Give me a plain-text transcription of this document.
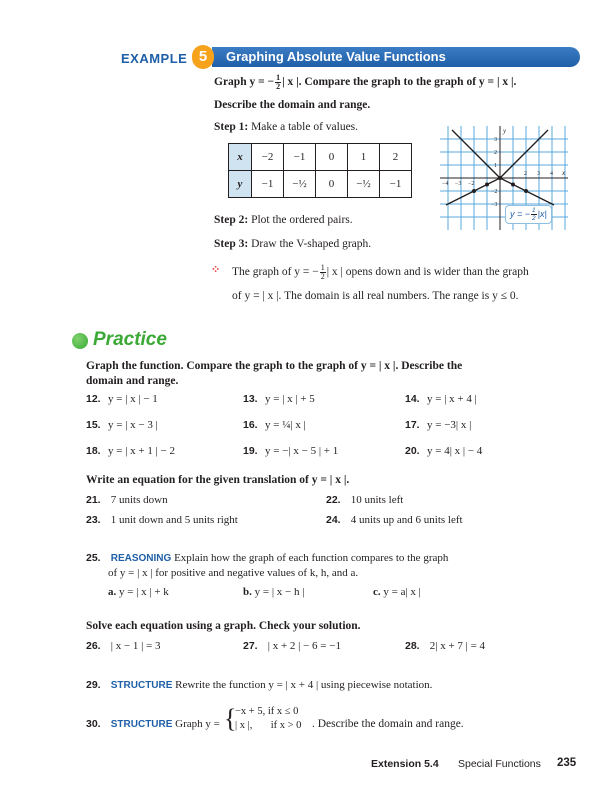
EXAMPLE 5	Graphing Absolute Value Functions
Graph y = − $\frac{1}{2}$ | x |. Compare the graph to the graph of y = | x |.
Describe the domain and range.
Step 1: Make a table of values.
x	−2	−1	0	1	2
y	−1	−½	0	−½	−1
Step 2: Plot the ordered pairs.
Step 3: Draw the V-shaped graph.
y
x
−4 −3 −2
2 3 4
3
2
1
−2
−3
y = − $\frac{1}{2} |x|$
⁘ The graph of y = − $\frac{1}{2}$ | x | opens down and is wider than the graph
of y = | x |. The domain is all real numbers. The range is y ≤ 0.
Practice
Graph the function. Compare the graph to the graph of y = | x |. Describe the
domain and range.
12. y = | x | − 1	13. y = | x | + 5	14. y = | x + 4 |
15. y = | x − 3 |	16. y = ¼| x |	17. y = −3| x |
18. y = | x + 1 | − 2	19. y = −| x − 5 | + 1	20. y = 4| x | − 4
Write an equation for the given translation of y = | x |.
21. 7 units down	22. 10 units left
23. 1 unit down and 5 units right	24. 4 units up and 6 units left
25. REASONING Explain how the graph of each function compares to the graph
of y = | x | for positive and negative values of k, h, and a.
a. y = | x | + k	b. y = | x − h |	c. y = a| x |
Solve each equation using a graph. Check your solution.
26. | x − 1 | = 3	27. | x + 2 | − 6 = −1	28. 2| x + 7 | = 4
29. STRUCTURE Rewrite the function y = | x + 4 | using piecewise notation.
30. STRUCTURE Graph y = {
−x + 5, if x ≤ 0
| x |,       if x > 0 . Describe the domain and range.
Extension 5.4 Special Functions 235
